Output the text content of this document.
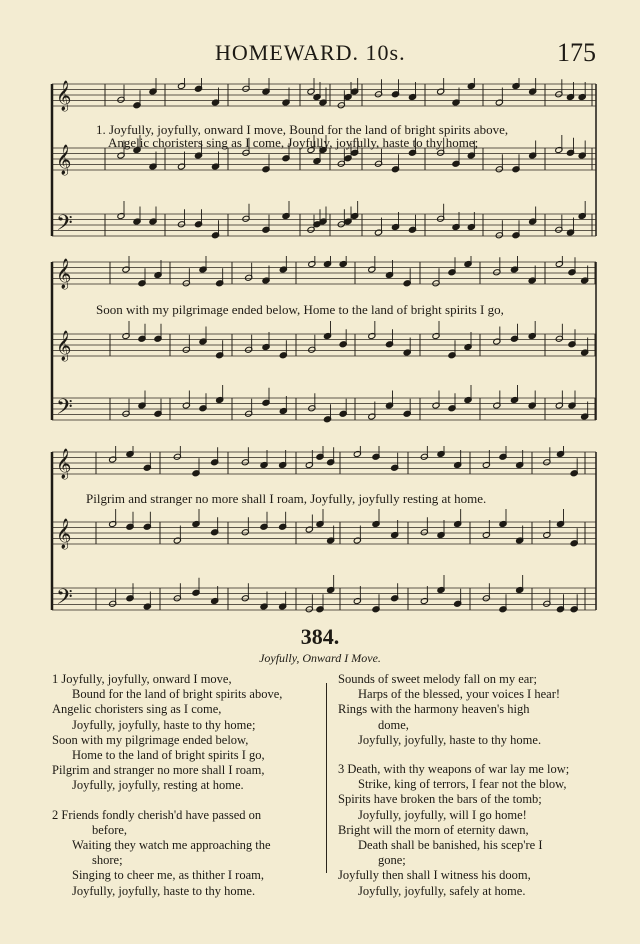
HOMEWARD. 10s.	175
𝄞
𝄞
𝄢
1. Joyfully, joyfully, onward I move, Bound for the land of bright spirits above,
Angelic choristers sing as I come, Joyfully, joyfully, haste to thy home;
𝄞
𝄞
𝄢
Soon with my pilgrimage ended below, Home to the land of bright spirits I go,
𝄞
𝄞
𝄢
Pilgrim and stranger no more shall I roam, Joyfully, joyfully resting at home.
384.
Joyfully, Onward I Move.
1 Joyfully, joyfully, onward I move,
Bound for the land of bright spirits above,
Angelic choristers sing as I come,
Joyfully, joyfully, haste to thy home;
Soon with my pilgrimage ended below,
Home to the land of bright spirits I go,
Pilgrim and stranger no more shall I roam,
Joyfully, joyfully, resting at home.
2 Friends fondly cherish'd have passed on
before,
Waiting they watch me approaching the
shore;
Singing to cheer me, as thither I roam,
Joyfully, joyfully, haste to thy home.
Sounds of sweet melody fall on my ear;
Harps of the blessed, your voices I hear!
Rings with the harmony heaven's high
dome,
Joyfully, joyfully, haste to thy home.
3 Death, with thy weapons of war lay me low;
Strike, king of terrors, I fear not the blow,
Spirits have broken the bars of the tomb;
Joyfully, joyfully, will I go home!
Bright will the morn of eternity dawn,
Death shall be banished, his scep're I
gone;
Joyfully then shall I witness his doom,
Joyfully, joyfully, safely at home.
